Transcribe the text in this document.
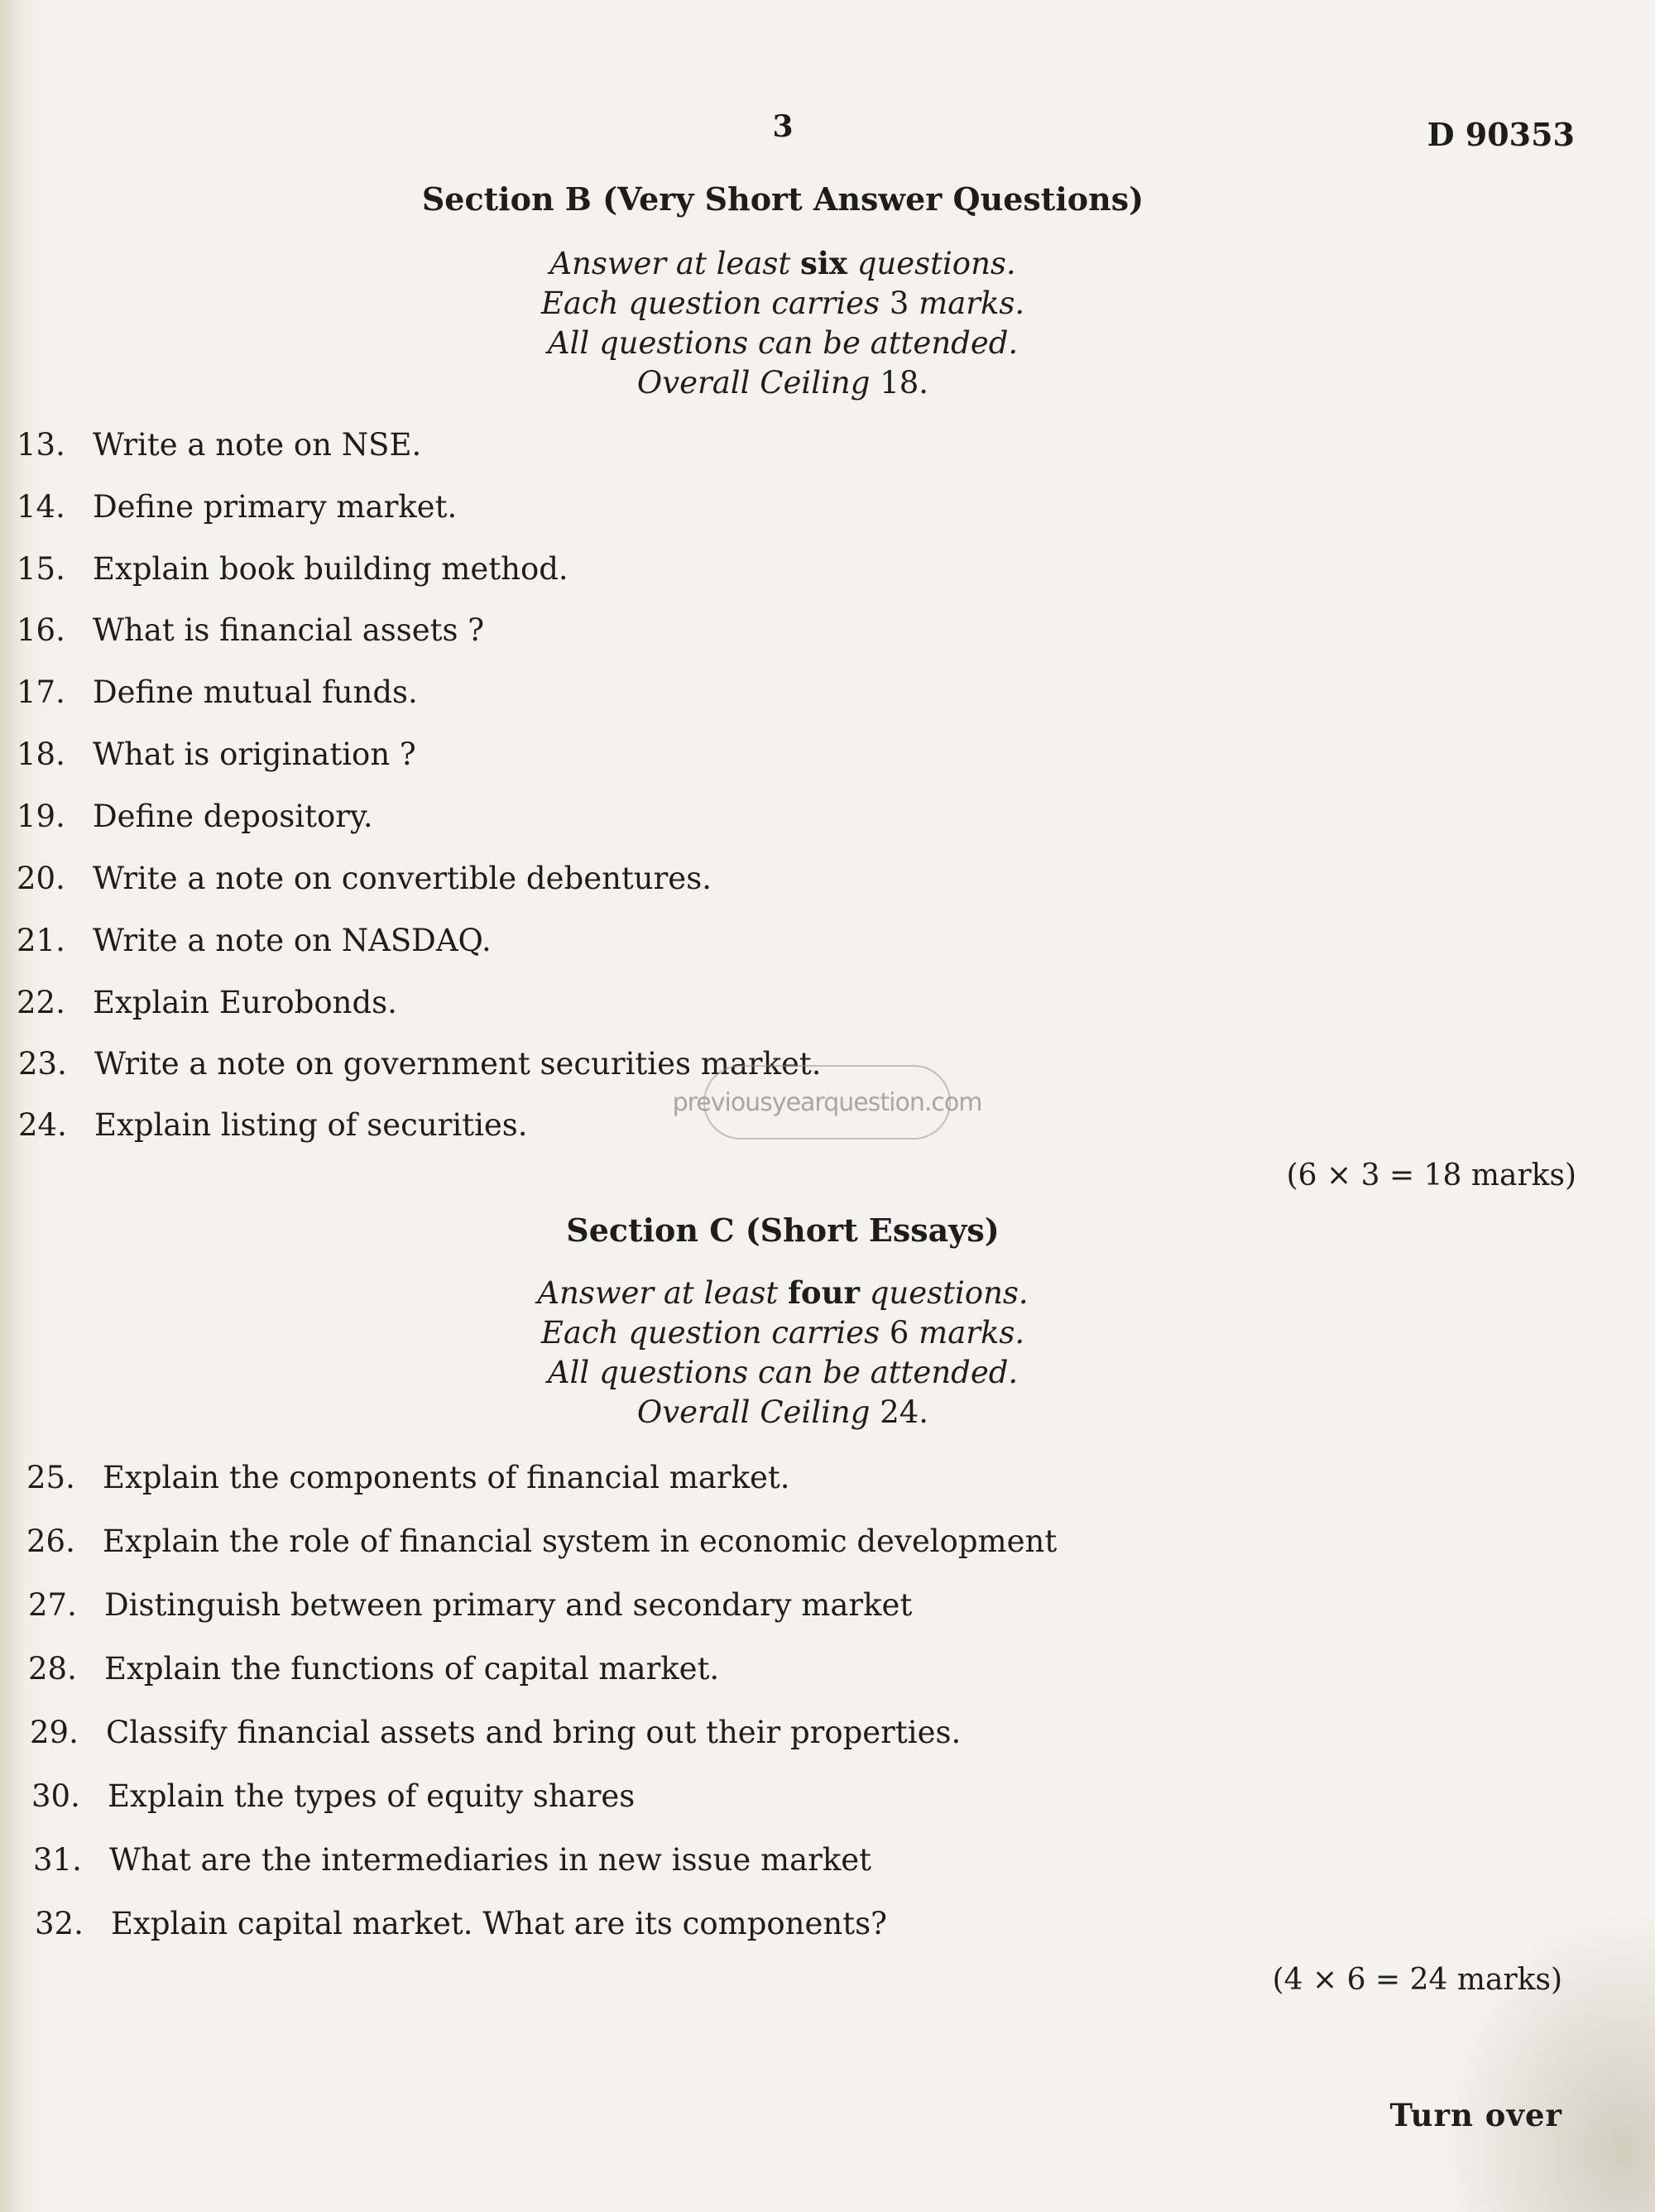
3	D 90353
Section B (Very Short Answer Questions)
Answer at least six questions.
Each question carries 3 marks.
All questions can be attended.
Overall Ceiling 18.
13. Write a note on NSE.
14. Define primary market.
15. Explain book building method.
16. What is financial assets ?
17. Define mutual funds.
18. What is origination ?
19. Define depository.
20. Write a note on convertible debentures.
21. Write a note on NASDAQ.
22. Explain Eurobonds.
23. Write a note on government securities market.
24. Explain listing of securities.
previousyearquestion.com
(6 × 3 = 18 marks)
Section C (Short Essays)
Answer at least four questions.
Each question carries 6 marks.
All questions can be attended.
Overall Ceiling 24.
25. Explain the components of financial market.
26. Explain the role of financial system in economic development
27. Distinguish between primary and secondary market
28. Explain the functions of capital market.
29. Classify financial assets and bring out their properties.
30. Explain the types of equity shares
31. What are the intermediaries in new issue market
32. Explain capital market. What are its components?
(4 × 6 = 24 marks)
Turn over
